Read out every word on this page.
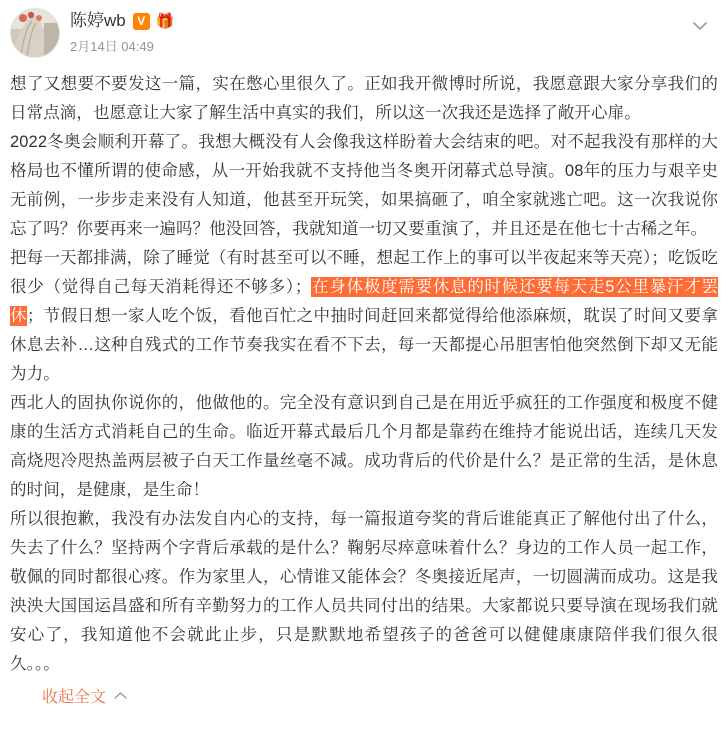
陈婷wb V 🎁
2月14日 04:49

想了又想要不要发这一篇，实在憋心里很久了。正如我开微博时所说，我愿意跟大家分享我们的日常点滴，也愿意让大家了解生活中真实的我们，所以这一次我还是选择了敞开心扉。

2022冬奥会顺利开幕了。我想大概没有人会像我这样盼着大会结束的吧。对不起我没有那样的大格局也不懂所谓的使命感，从一开始我就不支持他当冬奥开闭幕式总导演。08年的压力与艰辛史无前例，一步步走来没有人知道，他甚至开玩笑，如果搞砸了，咱全家就逃亡吧。这一次我说你忘了吗？你要再来一遍吗？他没回答，我就知道一切又要重演了，并且还是在他七十古稀之年。

把每一天都排满，除了睡觉（有时甚至可以不睡，想起工作上的事可以半夜起来等天亮）；吃饭吃很少（觉得自己每天消耗得还不够多）；在身体极度需要休息的时候还要每天走5公里暴汗才罢休；节假日想一家人吃个饭，看他百忙之中抽时间赶回来都觉得给他添麻烦，耽误了时间又要拿休息去补…这种自残式的工作节奏我实在看不下去，每一天都提心吊胆害怕他突然倒下却又无能为力。

西北人的固执你说你的，他做他的。完全没有意识到自己是在用近乎疯狂的工作强度和极度不健康的生活方式消耗自己的生命。临近开幕式最后几个月都是靠药在维持才能说出话，连续几天发高烧咫冷咫热盖两层被子白天工作量丝毫不减。成功背后的代价是什么？是正常的生活，是休息的时间，是健康，是生命！

所以很抱歉，我没有办法发自内心的支持，每一篇报道夸奖的背后谁能真正了解他付出了什么，失去了什么？坚持两个字背后承载的是什么？鞠躬尽瘁意味着什么？身边的工作人员一起工作，敬佩的同时都很心疼。作为家里人，心情谁又能体会？冬奥接近尾声，一切圆满而成功。这是我泱泱大国国运昌盛和所有辛勤努力的工作人员共同付出的结果。大家都说只要导演在现场我们就安心了，我知道他不会就此止步，只是默默地希望孩子的爸爸可以健健康康陪伴我们很久很久。。。

收起全文
